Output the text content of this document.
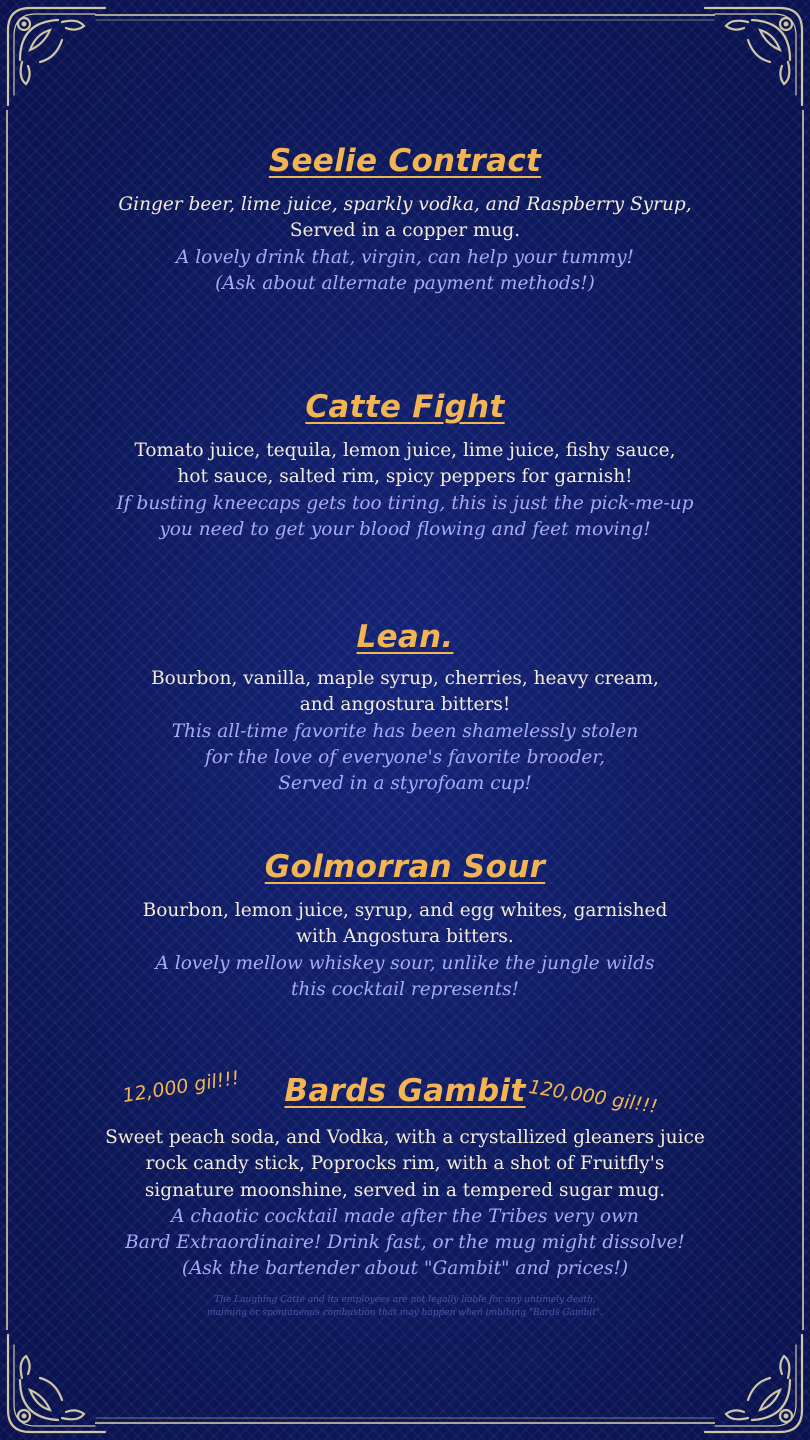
Seelie Contract

Ginger beer, lime juice, sparkly vodka, and Raspberry Syrup,

Served in a copper mug.

A lovely drink that, virgin, can help your tummy!

(Ask about alternate payment methods!)

Catte Fight

Tomato juice, tequila, lemon juice, lime juice, fishy sauce,

hot sauce, salted rim, spicy peppers for garnish!

If busting kneecaps gets too tiring, this is just the pick-me-up

you need to get your blood flowing and feet moving!

Lean.

Bourbon, vanilla, maple syrup, cherries, heavy cream,

and angostura bitters!

This all-time favorite has been shamelessly stolen

for the love of everyone's favorite brooder,

Served in a styrofoam cup!

Golmorran Sour

Bourbon, lemon juice, syrup, and egg whites, garnished

with Angostura bitters.

A lovely mellow whiskey sour, unlike the jungle wilds

this cocktail represents!

12,000 gil!!!	120,000 gil!!!
Bards Gambit

Sweet peach soda, and Vodka, with a crystallized gleaners juice

rock candy stick, Poprocks rim, with a shot of Fruitfly's

signature moonshine, served in a tempered sugar mug.

A chaotic cocktail made after the Tribes very own

Bard Extraordinaire! Drink fast, or the mug might dissolve!

(Ask the bartender about "Gambit" and prices!)

The Laughing Catte and its employees are not legally liable for any untimely death,
maiming or spontaneous combustion that may happen when imbibing "Bards Gambit".
